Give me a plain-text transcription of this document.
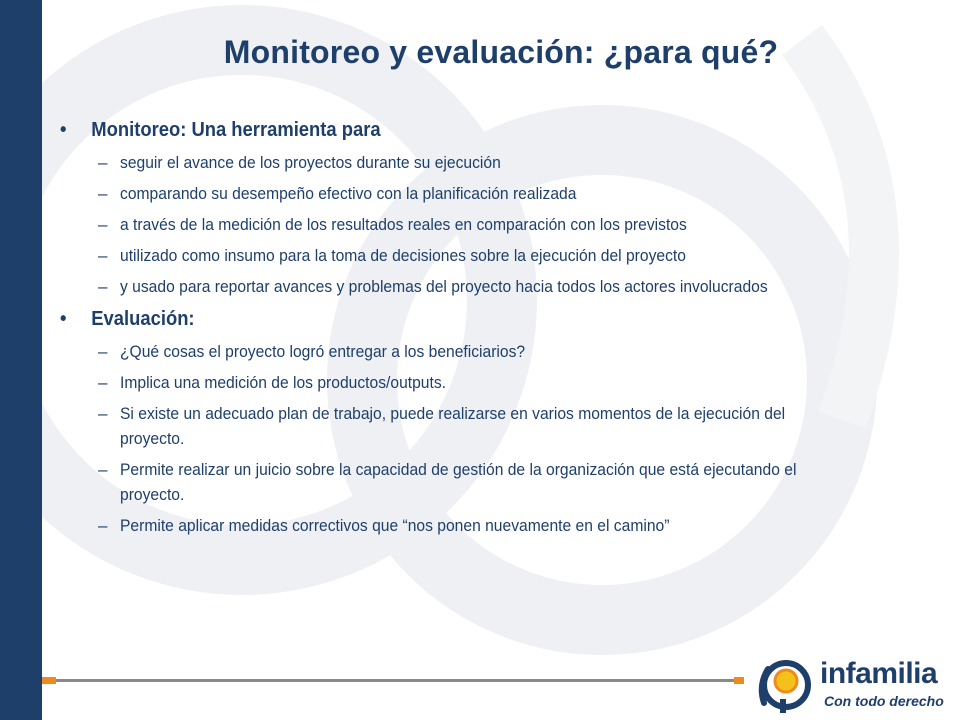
Monitoreo y evaluación: ¿para qué?
•	Monitoreo: Una herramienta para
– seguir el avance de los proyectos durante su ejecución
– comparando su desempeño efectivo con la planificación realizada
– a través de la medición de los resultados reales en comparación con los previstos
– utilizado como insumo para la toma de decisiones sobre la ejecución del proyecto
– y usado para reportar avances y problemas del proyecto hacia todos los actores involucrados
•	Evaluación:
– ¿Qué cosas el proyecto logró entregar a los beneficiarios?
– Implica una medición de los productos/outputs.
– Si existe un adecuado plan de trabajo, puede realizarse en varios momentos de la ejecución del proyecto.
– Permite realizar un juicio sobre la capacidad de gestión de la organización que está ejecutando el proyecto.
– Permite aplicar medidas correctivos que “nos ponen nuevamente en el camino”
infamilia
Con todo derecho
